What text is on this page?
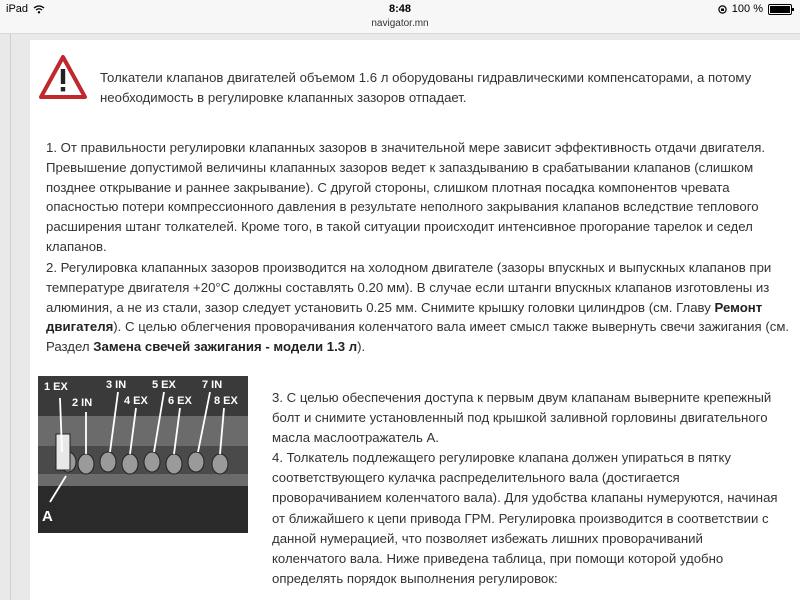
iPad	8:48	100 %
navigator.mn
Толкатели клапанов двигателей объемом 1.6 л оборудованы гидравлическими компенсаторами, а потому необходимость в регулировке клапанных зазоров отпадает.
1. От правильности регулировки клапанных зазоров в значительной мере зависит эффективность отдачи двигателя. Превышение допустимой величины клапанных зазоров ведет к запаздыванию в срабатывании клапанов (слишком позднее открывание и раннее закрывание). С другой стороны, слишком плотная посадка компонентов чревата опасностью потери компрессионного давления в результате неполного закрывания клапанов вследствие теплового расширения штанг толкателей. Кроме того, в такой ситуации происходит интенсивное прогорание тарелок и седел клапанов.
2. Регулировка клапанных зазоров производится на холодном двигателе (зазоры впускных и выпускных клапанов при температуре двигателя +20°С должны составлять 0.20 мм). В случае если штанги впускных клапанов изготовлены из алюминия, а не из стали, зазор следует установить 0.25 мм. Снимите крышку головки цилиндров (см. Главу Ремонт двигателя). С целью облегчения проворачивания коленчатого вала имеет смысл также вывернуть свечи зажигания (см. Раздел Замена свечей зажигания - модели 1.3 л).
1 EX
2 IN
3 IN
4 EX
5 EX
6 EX
7 IN
8 EX
A
3. С целью обеспечения доступа к первым двум клапанам выверните крепежный болт и снимите установленный под крышкой заливной горловины двигательного масла маслоотражатель А.
4. Толкатель подлежащего регулировке клапана должен упираться в пятку соответствующего кулачка распределительного вала (достигается проворачиванием коленчатого вала). Для удобства клапаны нумеруются, начиная от ближайшего к цепи привода ГРМ. Регулировка производится в соответствии с данной нумерацией, что позволяет избежать лишних проворачиваний коленчатого вала. Ниже приведена таблица, при помощи которой удобно определять порядок выполнения регулировок:
